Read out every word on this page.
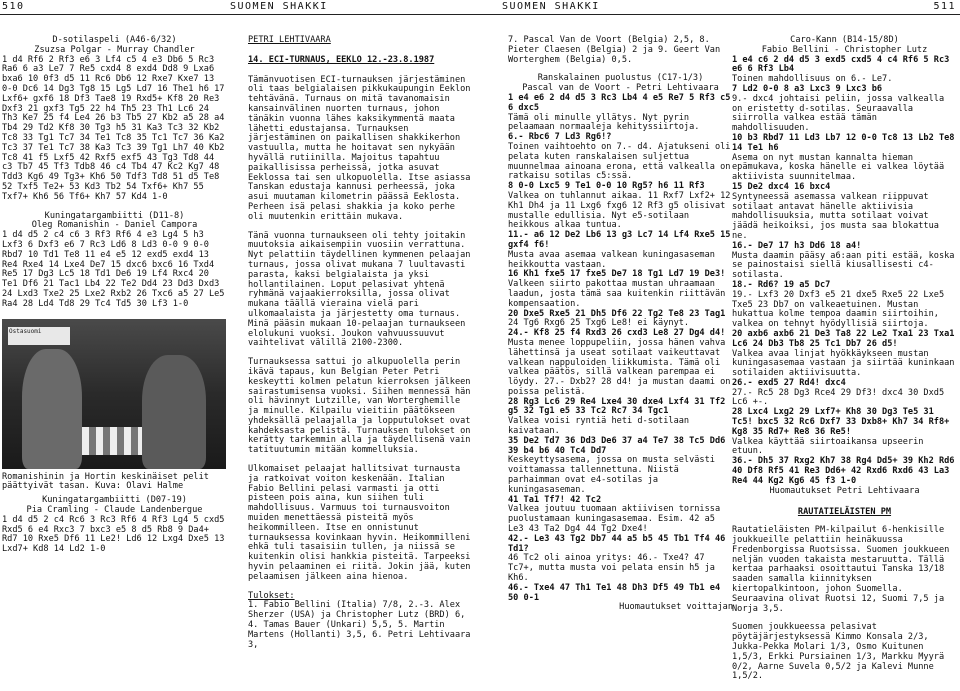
510	SUOMEN SHAKKI
D-sotilaspeli (A46-6/32)
Zsuzsa Polgar - Murray Chandler
1 d4 Rf6 2 Rf3 e6 3 Lf4 c5 4 e3 Db6 5 Rc3 Ra6 6 a3 Le7 7 Re5 cxd4 8 exd4 Dd8 9 Lxa6 bxa6 10 0f3 d5 11 Rc6 Db6 12 Rxe7 Kxe7 13 0-0 Dc6 14 Dg3 Tg8 15 Lg5 Ld7 16 The1 h6 17 Lxf6+ gxf6 18 Df3 Tae8 19 Rxd5+ Kf8 20 Re3 Dxf3 21 gxf3 Tg5 22 h4 Th5 23 Th1 Lc6 24 Th3 Ke7 25 f4 Le4 26 b3 Tb5 27 Kb2 a5 28 a4 Tb4 29 Td2 Kf8 30 Tg3 h5 31 Ka3 Tc3 32 Kb2 Tc8 33 Tg1 Tc7 34 Te1 Tc8 35 Tc1 Tc7 36 Ka2 Tc3 37 Te1 Tc7 38 Ka3 Tc3 39 Tg1 Lh7 40 Kb2 Tc8 41 f5 Lxf5 42 Rxf5 exf5 43 Tg3 Td8 44 c3 Tb7 45 Tf3 Tdb8 46 c4 Tb4 47 Kc2 Kg7 48 Tdd3 Kg6 49 Tg3+ Kh6 50 Tdf3 Td8 51 d5 Te8 52 Txf5 Te2+ 53 Kd3 Tb2 54 Txf6+ Kh7 55 Txf7+ Kh6 56 Tf6+ Kh7 57 Kd4 1-0
Kuningatargambiitti (D11-8)
Oleg Romanishin - Daniel Campora
1 d4 d5 2 c4 c6 3 Rf3 Rf6 4 e3 Lg4 5 h3 Lxf3 6 Dxf3 e6 7 Rc3 Ld6 8 Ld3 0-0 9 0-0 Rbd7 10 Td1 Te8 11 e4 e5 12 exd5 exd4 13 Re4 Rxe4 14 Lxe4 De7 15 dxc6 bxc6 16 Txd4 Re5 17 Dg3 Lc5 18 Td1 De6 19 Lf4 Rxc4 20 Te1 Df6 21 Tac1 Lb4 22 Te2 Dd4 23 Dd3 Dxd3 24 Lxd3 Txe2 25 Lxe2 Rxb2 26 Txc6 a5 27 Le5 Ra4 28 Ld4 Td8 29 Tc4 Td5 30 Lf3 1-0
Ostasuomi
Romanishinin ja Hortin keskinäiset pelit päättyivät tasan. Kuva: Olavi Halme
Kuningatargambiitti (D07-19)
Pia Cramling - Claude Landenbergue
1 d4 d5 2 c4 Rc6 3 Rc3 Rf6 4 Rf3 Lg4 5 cxd5 Rxd5 6 e4 Rxc3 7 bxc3 e5 8 d5 Rb8 9 Da4+ Rd7 10 Rxe5 Df6 11 Le2! Ld6 12 Lxg4 Dxe5 13 Lxd7+ Kd8 14 Ld2 1-0
PETRI LEHTIVAARA
14. ECI-TURNAUS, EEKLO 12.-23.8.1987
Tämänvuotisen ECI-turnauksen järjestäminen oli taas belgialaisen pikkukaupungin Eeklon tehtävänä. Turnaus on mitä tavanomaisin kansainvälinen nuorten turnaus, johon tänäkin vuonna lähes kaksikymmentä maata lähetti edustajansa. Turnauksen järjestäminen on paikallisen shakkikerhon vastuulla, mutta he hoitavat sen nykyään hyvällä rutiinilla. Majoitus tapahtuu paikallisissa perheissä, jotka asuvat Eeklossa tai sen ulkopuolella. Itse asiassa Tanskan edustaja kannusi perheessä, joka asui muutaman kilometrin päässä Eeklosta. Perheen isä pelasi shakkia ja koko perhe oli muutenkin erittäin mukava.
Tänä vuonna turnaukseen oli tehty joitakin muutoksia aikaisempiin vuosiin verrattuna. Nyt pelattiin täydellinen kymmenen pelaajan turnaus, jossa olivat mukana 7 luultavasti parasta, kaksi belgialaista ja yksi hollantilainen. Loput pelasivat yhtenä ryhmänä vajaakierroksilla, jossa olivat mukana täällä vieraina vielä pari ulkomaalaista ja järjestetty oma turnaus. Minä pääsin mukaan 10-pelaajan turnaukseen elolukuni vuoksi. Joukon vahvuussuuvut vaihtelivat välillä 2100-2300.
Turnauksessa sattui jo alkupuolella perin ikävä tapaus, kun Belgian Peter Petri keskeytti kolmen pelatun kierroksen jälkeen sairastumisensa vuoksi. Siihen mennessä hän oli hävinnyt Lutzille, van Worterghemille ja minulle. Kilpailu vieitiin päätökseen yhdeksällä pelaajalla ja lopputulokset ovat kahdeksasta pelistä. Turnauksen tulokset on kerätty tarkemmin alla ja täydellisenä vain tatituutumin mitään kommelluksia.
Ulkomaiset pelaajat hallitsivat turnausta ja ratkoivat voiton keskenään. Italian Fabio Bellini pelasi varmasti ja otti pisteen pois aina, kun siihen tuli mahdollisuus. Varmuus toi turnausvoiton muiden menettäessä pisteitä myös heikommilleen. Itse en onnistunut turnauksessa kovinkaan hyvin. Heikommilleni ehkä tuli tasaisiin tullen, ja niissä se kuitenkin olisi hankkia pisteitä. Tarpeeksi hyvin pelaaminen ei riitä. Jokin jää, kuten pelaamisen jälkeen aina hienoa.
Tulokset:
1. Fabio Bellini (Italia) 7/8, 2.-3. Alex Sherzer (USA) ja Christopher Lutz (BRD) 6,
4. Tamas Bauer (Unkari) 5,5, 5. Martin Martens (Hollanti) 3,5, 6. Petri Lehtivaara 3,
SUOMEN SHAKKI	511
7. Pascal Van de Voort (Belgia) 2,5, 8. Pieter Claesen (Belgia) 2 ja 9. Geert Van Worterghem (Belgia) 0,5.
Ranskalainen puolustus (C17-1/3)
Pascal van de Voort - Petri Lehtivaara
1 e4 e6 2 d4 d5 3 Rc3 Lb4 4 e5 Re7 5 Rf3 c5 6 dxc5
Tämä oli minulle yllätys. Nyt pyrin pelaamaan normaaleja kehityssiirtoja.
6.- Rbc6 7 Ld3 Rg6!?
Toinen vaihtoehto on 7.- d4. Ajatukseni oli pelata kuten ranskalaisen suljettua muunnelmaa ainoana erona, että valkealla on ratkaisu sotilas c5:ssä.
8 0-0 Lxc5 9 Te1 0-0 10 Rg5? h6 11 Rf3
Valkea on tuhlannut aikaa. 11 Rxf7 Lxf2+ 12 Kh1 Dh4 ja 11 Lxg6 fxg6 12 Rf3 g5 olisivat mustalle edullisia. Nyt e5-sotilaan heikkous alkaa tuntua.
11.- a6 12 De2 Lb6 13 g3 Lc7 14 Lf4 Rxe5 15 gxf4 f6!
Musta avaa asemaa valkean kuningasaseman heikkoutta vastaan.
16 Kh1 fxe5 17 fxe5 De7 18 Tg1 Ld7 19 De3!
Valkeen siirto pakottaa mustan uhraamaan laadun, josta tämä saa kuitenkin riittävän kompensaation.
20 Dxe5 Rxe5 21 Dh5 Df6 22 Tg2 Te8 23 Tag1
24 Tg6 Rxg6 25 Txg6 Le8! ei käynyt.
24.- Kf8 25 f4 Rxd3 26 cxd3 Le8 27 Dg4 d4!
Musta menee loppupeliin, jossa hänen vahva lähettinsä ja useat sotilaat vaikeuttavat valkean nappuloiden liikkumista. Tämä oli valkea päätös, sillä valkean parempaa ei löydy. 27.- Dxb2? 28 d4! ja mustan daami on poissa pelistä.
28 Rg3 Lc6 29 Re4 Lxe4 30 dxe4 Lxf4 31 Tf2 g5 32 Tg1 e5 33 Tc2 Rc7 34 Tgc1
Valkea voisi ryntiä heti d-sotilaan kaivataan.
35 De2 Td7 36 Dd3 De6 37 a4 Te7 38 Tc5 Dd6 39 b4 b6 40 Tc4 Dd7
Keskeyttysasema, jossa on musta selvästi voittamassa tallennettuna. Niistä parhaimman ovat e4-sotilas ja kuningasaseman.
41 Ta1 Tf7! 42 Tc2
Valkea joutuu tuomaan aktiivisen tornissa puolustamaan kuningasasemaa. Esim. 42 a5 Le3 43 Ta2 Dg4 44 Tg2 Dxe4!
42.- Le3 43 Tg2 Db7 44 a5 b5 45 Tb1 Tf4 46 Td1?
46 Tc2 oli ainoa yritys: 46.- Txe4? 47 Tc7+, mutta musta voi pelata ensin h5 ja Kh6.
46.- Txe4 47 Th1 Te1 48 Dh3 Df5 49 Tb1 e4 50 0-1
Huomautukset voittajan
Caro-Kann (B14-15/8D)
Fabio Bellini - Christopher Lutz
1 e4 c6 2 d4 d5 3 exd5 cxd5 4 c4 Rf6 5 Rc3 e6 6 Rf3 Lb4
Toinen mahdollisuus on 6.- Le7.
7 Ld2 0-0 8 a3 Lxc3 9 Lxc3 b6
9.- dxc4 johtaisi peliin, jossa valkealla on eristetty d-sotilas. Seuraavalla siirrolla valkea estää tämän mahdollisuuden.
10 b3 Rbd7 11 Ld3 Lb7 12 0-0 Tc8 13 Lb2 Te8 14 Te1 h6
Asema on nyt mustan kannalta hieman epämukava, koska hänelle ei valkea löytää aktiivista suunnitelmaa.
15 De2 dxc4 16 bxc4
Syntyneessä asemassa valkean riippuvat sotilaat antavat hänelle aktiivisia mahdollisuuksia, mutta sotilaat voivat jäädä heikoiksi, jos musta saa blokattua ne.
16.- De7 17 h3 Dd6 18 a4!
Musta daamin pääsy a6:aan piti estää, koska se painostaisi siellä kiusallisesti c4-sotilasta.
18.- Rd6? 19 a5 Dc7
19.- Lxf3 20 Dxf3 e5 21 dxe5 Rxe5 22 Lxe5 Txe5 23 Db7 on valkeaetuinen. Mustan hukattua kolme tempoa daamin siirtoihin, valkea on tehnyt hyödyllisiä siirtoja.
20 axb6 axb6 21 De3 Ta8 22 Le2 Txa1 23 Txa1 Lc6 24 Db3 Tb8 25 Tc1 Db7 26 d5!
Valkea avaa linjat hyökkäykseen mustan kuningasasemaa vastaan ja siirtää kuninkaan sotilaiden aktiivisuutta.
26.- exd5 27 Rd4! dxc4
27.- Rc5 28 Dg3 Rce4 29 Df3! dxc4 30 Dxd5 Lc6 +-.
28 Lxc4 Lxg2 29 Lxf7+ Kh8 30 Dg3 Te5 31 Tc5! bxc5 32 Rc6 Dxf7 33 Dxb8+ Kh7 34 Rf8+ Kg8 35 Rd7+ Re8 36 Re5!
Valkea käyttää siirtoaikansa upseerin etuun.
36.- Dh5 37 Rxg2 Kh7 38 Rg4 Dd5+ 39 Kh2 Rd6 40 Df8 Rf5 41 Re3 Dd6+ 42 Rxd6 Rxd6 43 La3 Re4 44 Kg2 Kg6 45 f3 1-0
Huomautukset Petri Lehtivaara
RAUTATIELÄISTEN PM
Rautatieläisten PM-kilpailut 6-henkisille joukkueille pelattiin heinäkuussa Fredenborgissa Ruotsissa. Suomen joukkueen neljän vuoden takaista mestaruutta. Tällä kertaa parhaaksi osoittautui Tanska 13/18 saaden samalla kiinnityksen kiertopalkintoon, johon Suomella. Seuraavina olivat Ruotsi 12, Suomi 7,5 ja Norja 3,5.
Suomen joukkueessa pelasivat pöytäjärjestyksessä Kimmo Konsala 2/3, Jukka-Pekka Molari 1/3, Osmo Kuitunen 1,5/3, Erkki Pursiainen 1/3, Markku Myyrä 0/2, Aarne Suvela 0,5/2 ja Kalevi Munne 1,5/2.
